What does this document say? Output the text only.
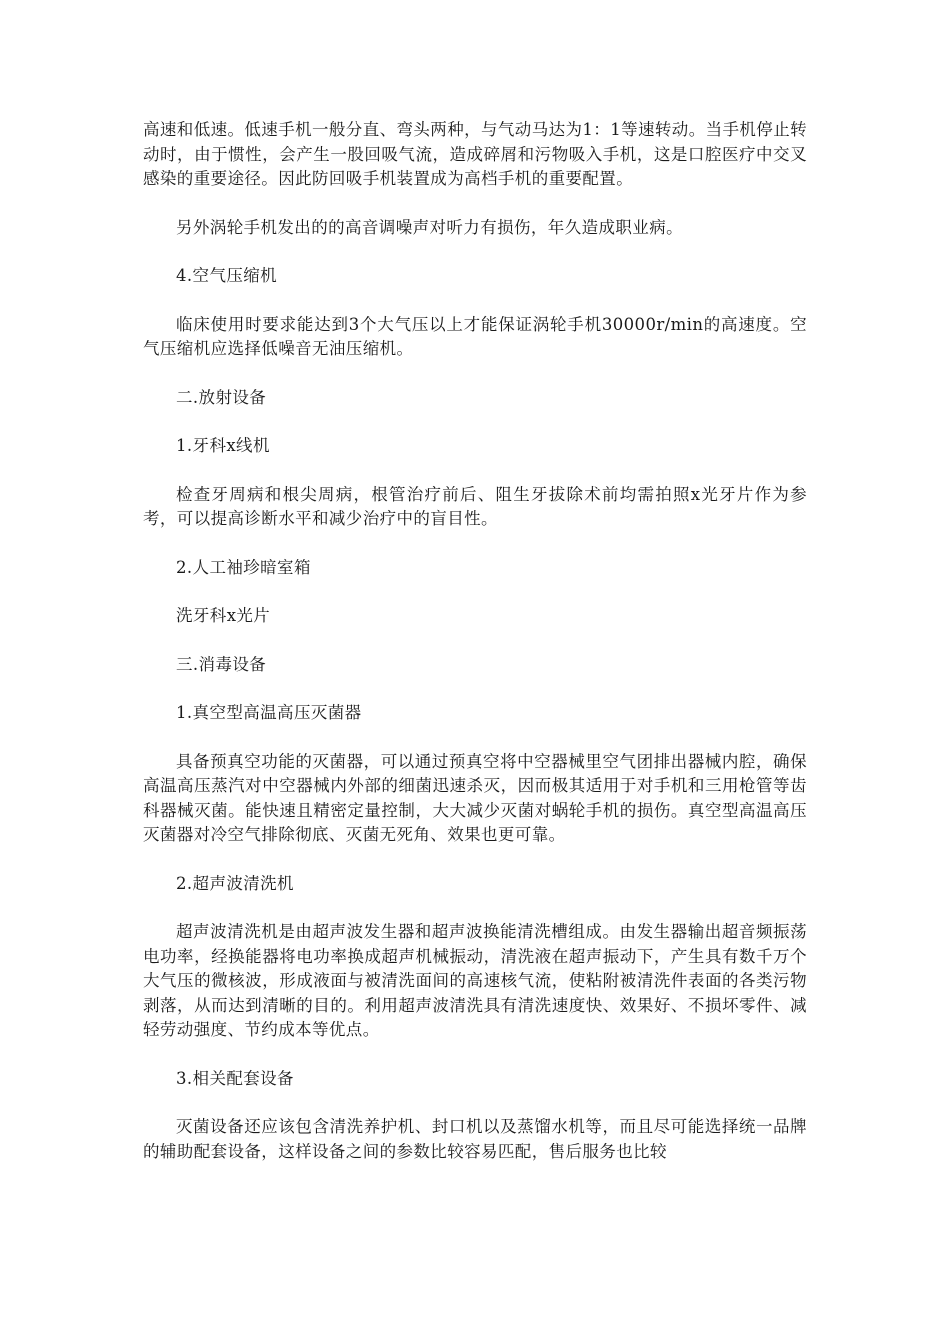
高速和低速。低速手机一般分直、弯头两种，与气动马达为1：1等速转动。当手机停止转动时，由于惯性，会产生一股回吸气流，造成碎屑和污物吸入手机，这是口腔医疗中交叉感染的重要途径。因此防回吸手机装置成为高档手机的重要配置。

另外涡轮手机发出的的高音调噪声对听力有损伤，年久造成职业病。

4.空气压缩机

临床使用时要求能达到3个大气压以上才能保证涡轮手机30000r/min的高速度。空气压缩机应选择低噪音无油压缩机。

二.放射设备

1.牙科x线机

检查牙周病和根尖周病，根管治疗前后、阻生牙拔除术前均需拍照x光牙片作为参考，可以提高诊断水平和减少治疗中的盲目性。

2.人工袖珍暗室箱

洗牙科x光片

三.消毒设备

1.真空型高温高压灭菌器

具备预真空功能的灭菌器，可以通过预真空将中空器械里空气团排出器械内腔，确保高温高压蒸汽对中空器械内外部的细菌迅速杀灭，因而极其适用于对手机和三用枪管等齿科器械灭菌。能快速且精密定量控制，大大减少灭菌对蜗轮手机的损伤。真空型高温高压灭菌器对冷空气排除彻底、灭菌无死角、效果也更可靠。

2.超声波清洗机

超声波清洗机是由超声波发生器和超声波换能清洗槽组成。由发生器输出超音频振荡电功率，经换能器将电功率换成超声机械振动，清洗液在超声振动下，产生具有数千万个大气压的微核波，形成液面与被清洗面间的高速核气流，使粘附被清洗件表面的各类污物剥落，从而达到清晰的目的。利用超声波清洗具有清洗速度快、效果好、不损坏零件、减轻劳动强度、节约成本等优点。

3.相关配套设备

灭菌设备还应该包含清洗养护机、封口机以及蒸馏水机等，而且尽可能选择统一品牌的辅助配套设备，这样设备之间的参数比较容易匹配，售后服务也比较
